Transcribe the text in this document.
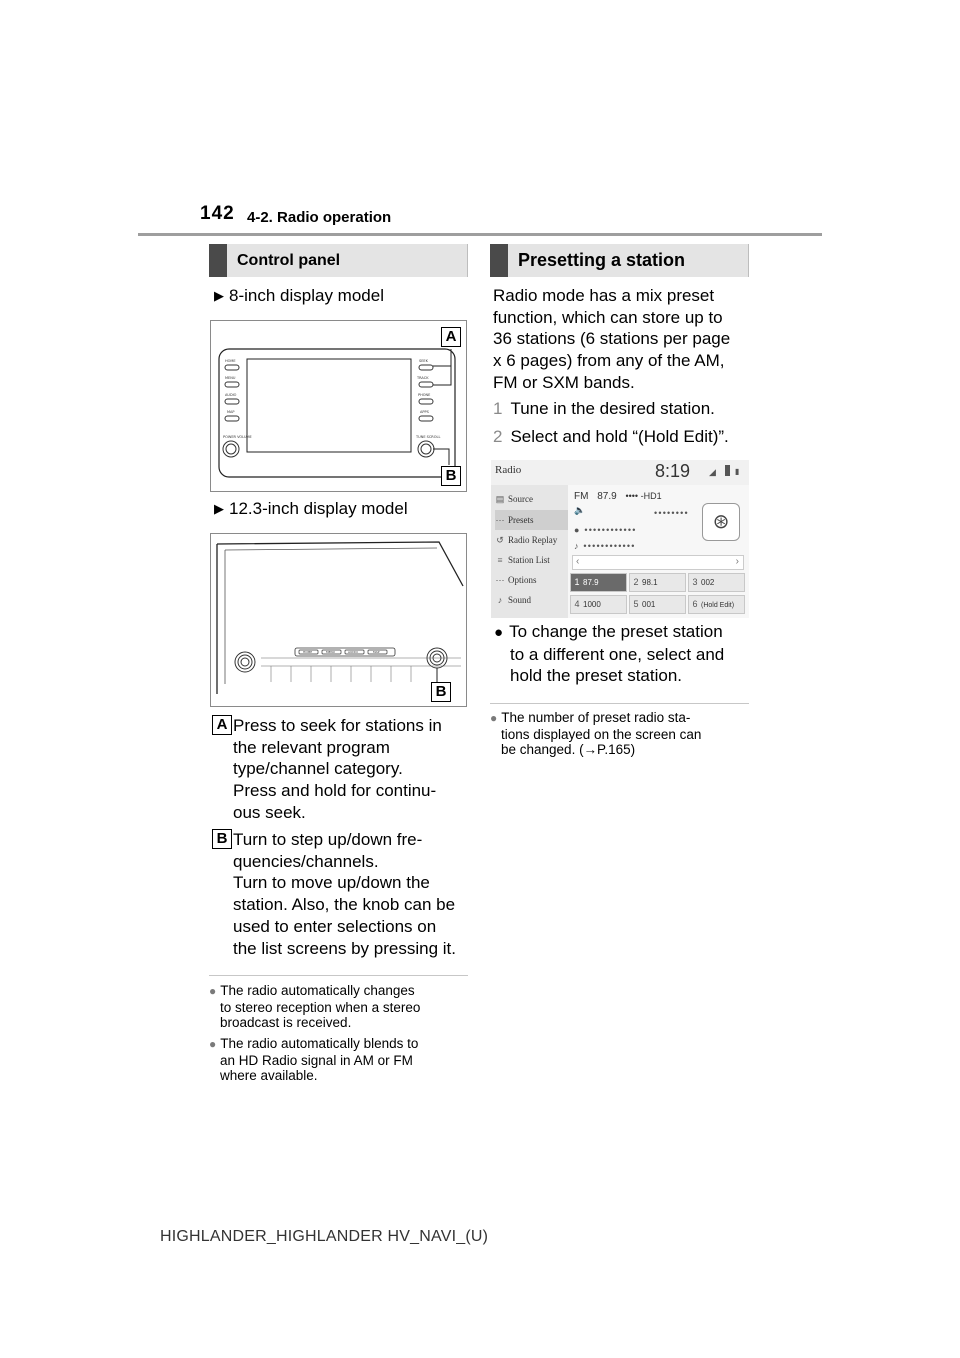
142 4-2. Radio operation
Control panel
▶ 8-inch display model
HOME
MENU
AUDIO
MAP
POWER VOLUME
SEEK
TRACK
PHONE
APPS
TUNE SCROLL
A
B
▶ 12.3-inch display model
HOME	MENU	AUDIO	MAP
B
A Press to seek for stations in
the relevant program
type/channel category.
Press and hold for continu-
ous seek.
B Turn to step up/down fre-
quencies/channels.
Turn to move up/down the
station. Also, the knob can be
used to enter selections on
the list screens by pressing it.
● The radio automatically changes
to stereo reception when a stereo
broadcast is received.
● The radio automatically blends to
an HD Radio signal in AM or FM
where available.
Presetting a station
Radio mode has a mix preset
function, which can store up to
36 stations (6 stations per page
x 6 pages) from any of the AM,
FM or SXM bands.
1 Tune in the desired station.
2 Select and hold “(Hold Edit)”.
Radio	8:19 ◢ ▮
▤ Source
⋯ Presets
↺ Radio Replay
≡ Station List
⋯ Options
♪ Sound
FM 87.9 •••• -HD1
🔈	••••••••
● ••••••••••••
♪ ••••••••••••
⊛
‹	›
1 87.9	2 98.1	3 002
4 1000	5 001	6 (Hold Edit)
● To change the preset station
to a different one, select and
hold the preset station.
● The number of preset radio sta-
tions displayed on the screen can
be changed. (→P.165)
HIGHLANDER_HIGHLANDER HV_NAVI_(U)
